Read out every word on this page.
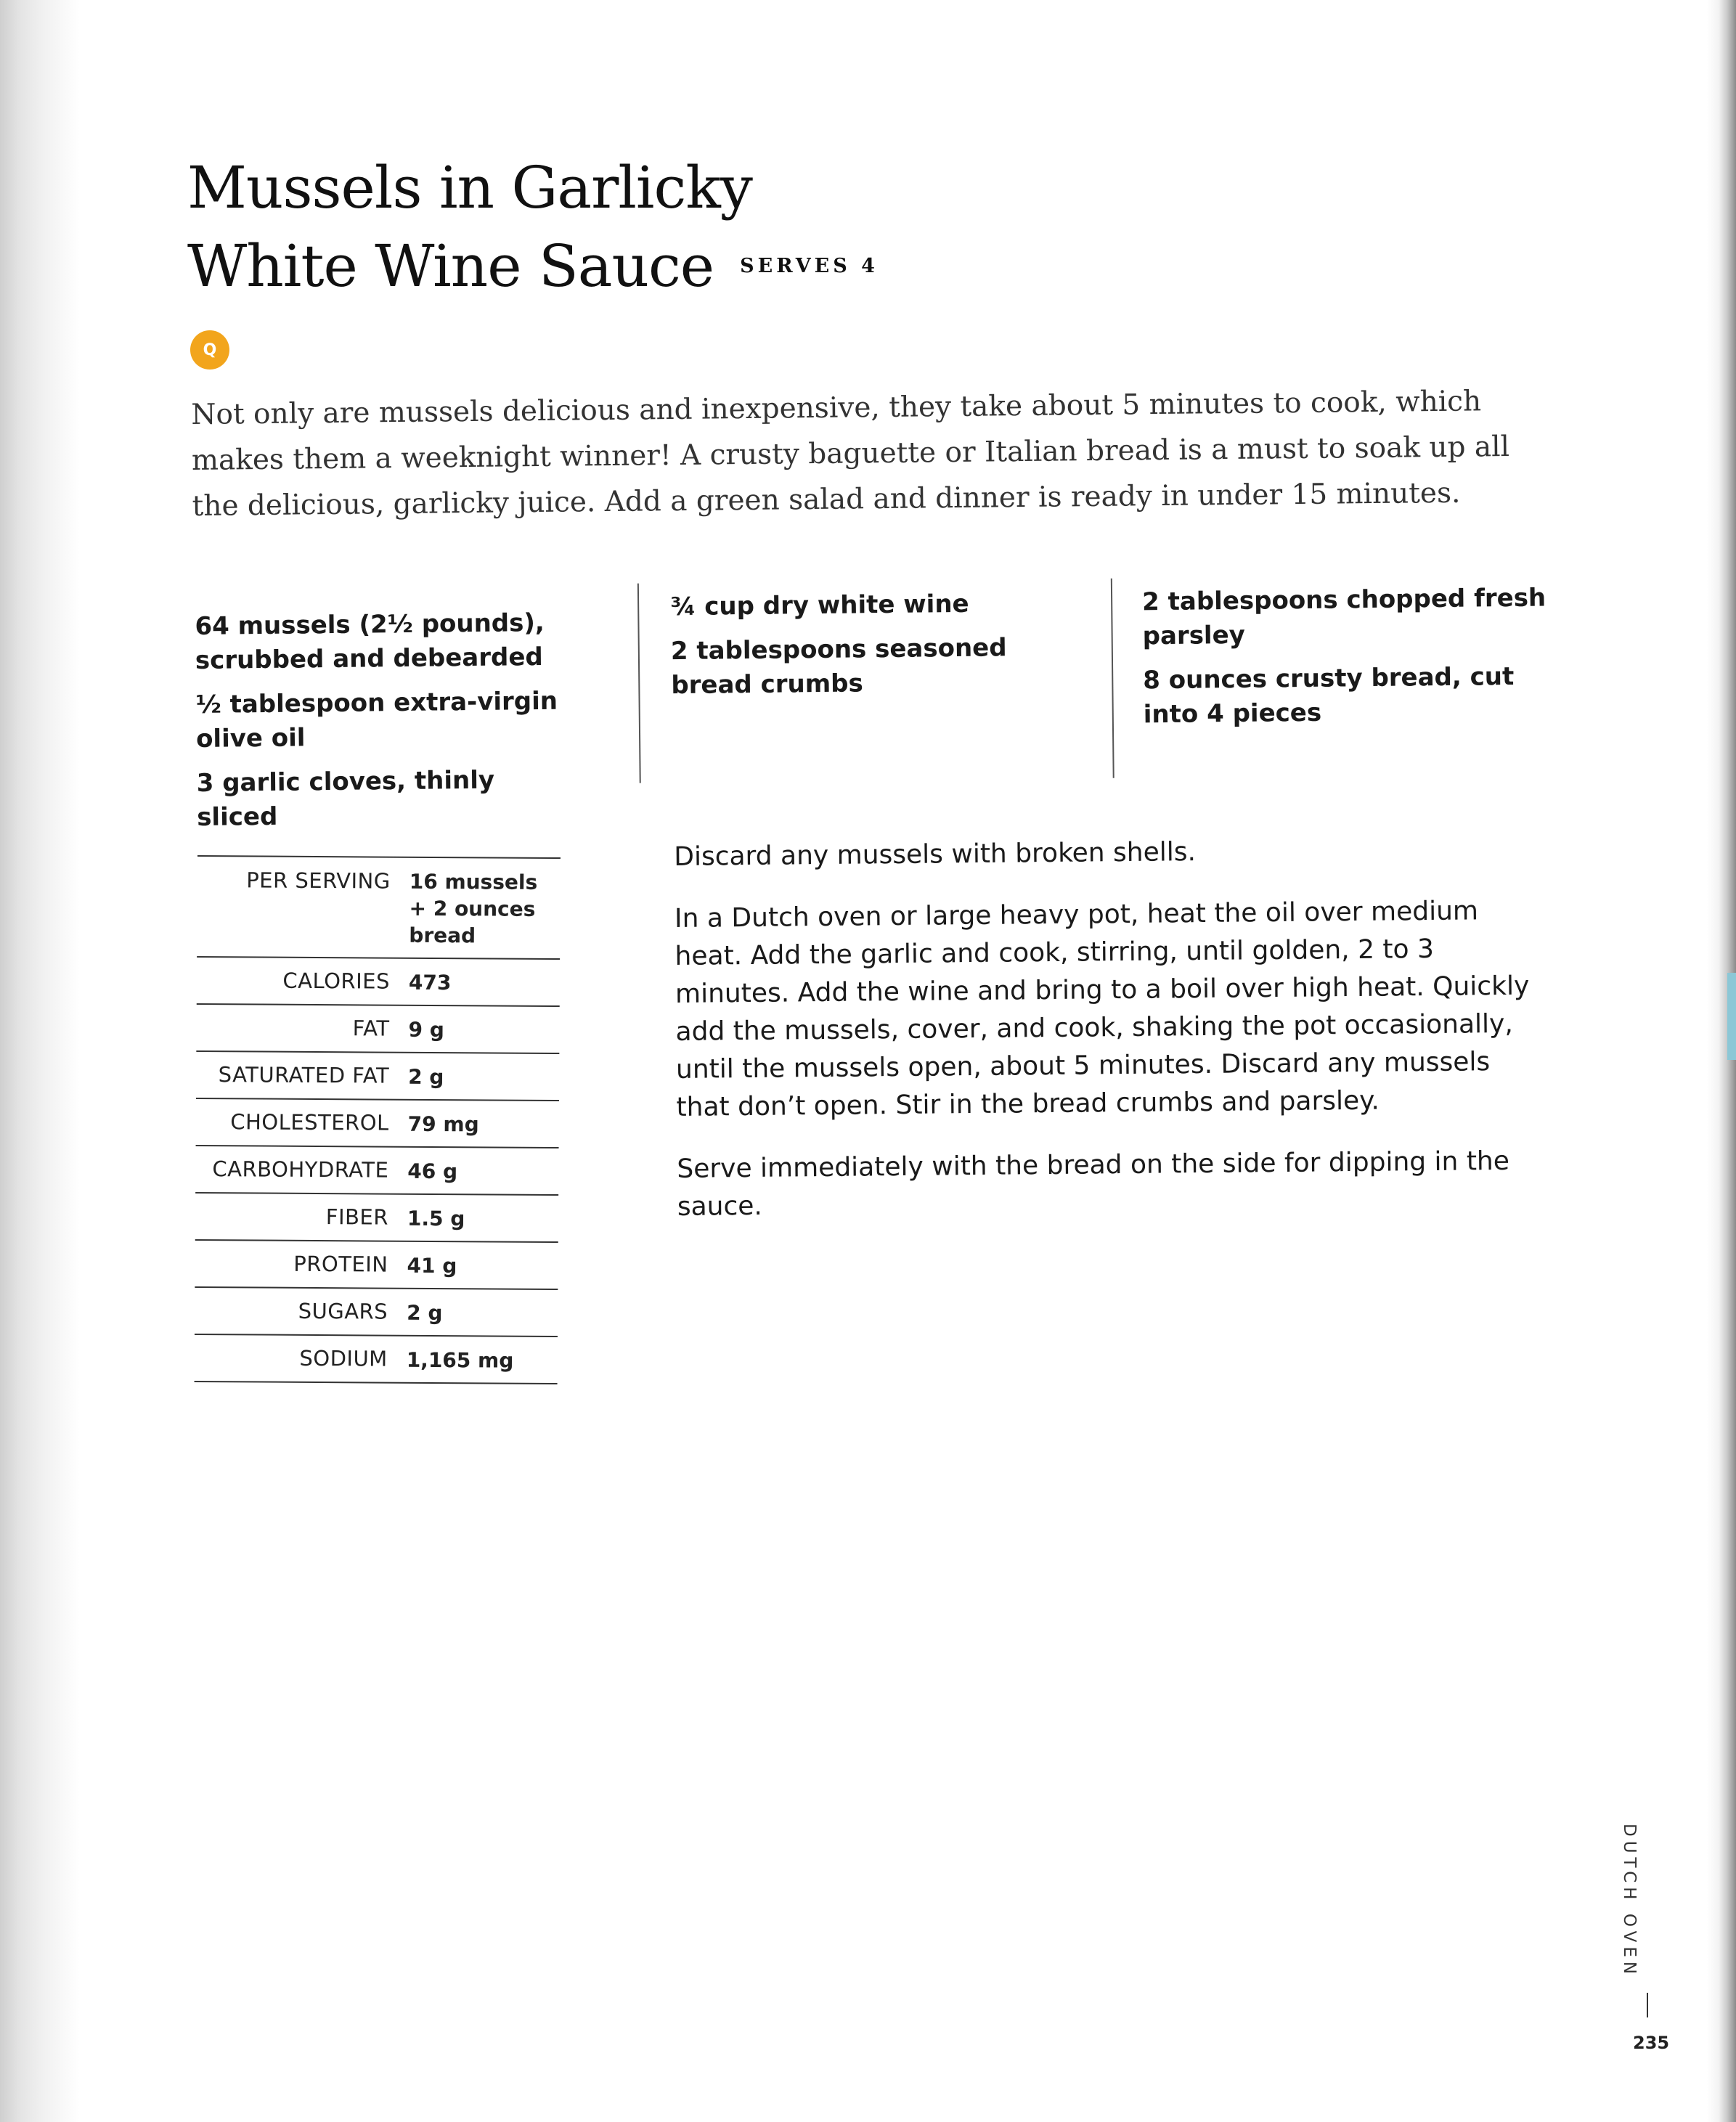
Mussels in Garlicky
White Wine Sauce SERVES 4
Q

Not only are mussels delicious and inexpensive, they take about 5 minutes to cook, which makes them a weeknight winner! A crusty baguette or Italian bread is a must to soak up all the delicious, garlicky juice. Add a green salad and dinner is ready in under 15 minutes.

64 mussels (2½ pounds), scrubbed and debearded
½ tablespoon extra-virgin olive oil
3 garlic cloves, thinly sliced
¾ cup dry white wine
2 tablespoons seasoned bread crumbs
2 tablespoons chopped fresh parsley
8 ounces crusty bread, cut into 4 pieces
PER SERVING 16 mussels + 2 ounces bread
CALORIES 473
FAT 9 g
SATURATED FAT 2 g
CHOLESTEROL 79 mg
CARBOHYDRATE 46 g
FIBER 1.5 g
PROTEIN 41 g
SUGARS 2 g
SODIUM 1,165 mg

Discard any mussels with broken shells.

In a Dutch oven or large heavy pot, heat the oil over medium heat. Add the garlic and cook, stirring, until golden, 2 to 3 minutes. Add the wine and bring to a boil over high heat. Quickly add the mussels, cover, and cook, shaking the pot occasionally, until the mussels open, about 5 minutes. Discard any mussels that don’t open. Stir in the bread crumbs and parsley.

Serve immediately with the bread on the side for dipping in the sauce.

DUTCH OVEN
235
